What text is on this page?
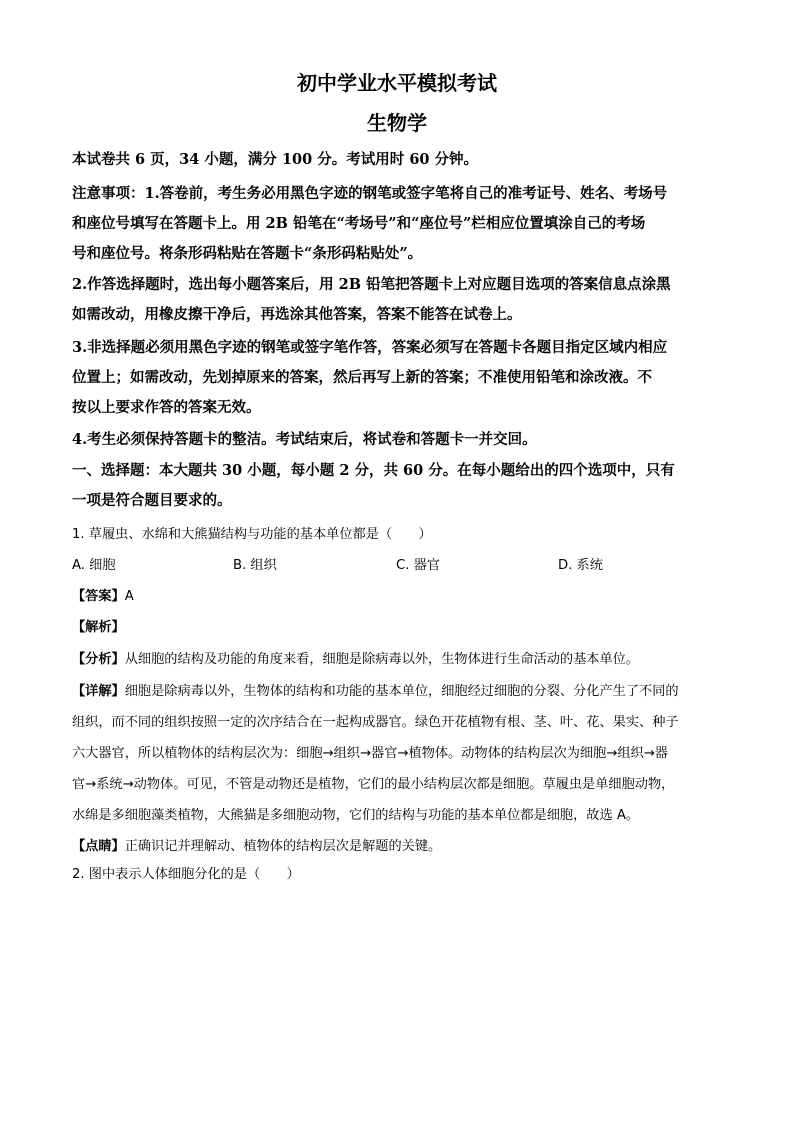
初中学业水平模拟考试
生物学
本试卷共 6 页，34 小题，满分 100 分。考试用时 60 分钟。
注意事项：1.答卷前，考生务必用黑色字迹的钢笔或签字笔将自己的准考证号、姓名、考场号
和座位号填写在答题卡上。用 2B 铅笔在“考场号”和“座位号”栏相应位置填涂自己的考场
号和座位号。将条形码粘贴在答题卡“条形码粘贴处”。
2.作答选择题时，选出每小题答案后，用 2B 铅笔把答题卡上对应题目选项的答案信息点涂黑
如需改动，用橡皮擦干净后，再选涂其他答案，答案不能答在试卷上。
3.非选择题必须用黑色字迹的钢笔或签字笔作答，答案必须写在答题卡各题目指定区域内相应
位置上；如需改动，先划掉原来的答案，然后再写上新的答案；不准使用铅笔和涂改液。不
按以上要求作答的答案无效。
4.考生必须保持答题卡的整洁。考试结束后，将试卷和答题卡一并交回。
一、选择题：本大题共 30 小题，每小题 2 分，共 60 分。在每小题给出的四个选项中，只有
一项是符合题目要求的。
1. 草履虫、水绵和大熊猫结构与功能的基本单位都是（　　）
A. 细胞	B. 组织	C. 器官	D. 系统
【答案】A
【解析】
【分析】从细胞的结构及功能的角度来看，细胞是除病毒以外，生物体进行生命活动的基本单位。
【详解】细胞是除病毒以外，生物体的结构和功能的基本单位，细胞经过细胞的分裂、分化产生了不同的
组织，而不同的组织按照一定的次序结合在一起构成器官。绿色开花植物有根、茎、叶、花、果实、种子
六大器官，所以植物体的结构层次为：细胞→组织→器官→植物体。动物体的结构层次为细胞→组织→器
官→系统→动物体。可见，不管是动物还是植物，它们的最小结构层次都是细胞。草履虫是单细胞动物，
水绵是多细胞藻类植物，大熊猫是多细胞动物，它们的结构与功能的基本单位都是细胞，故选 A。
【点睛】正确识记并理解动、植物体的结构层次是解题的关键。
2. 图中表示人体细胞分化的是（　　）
